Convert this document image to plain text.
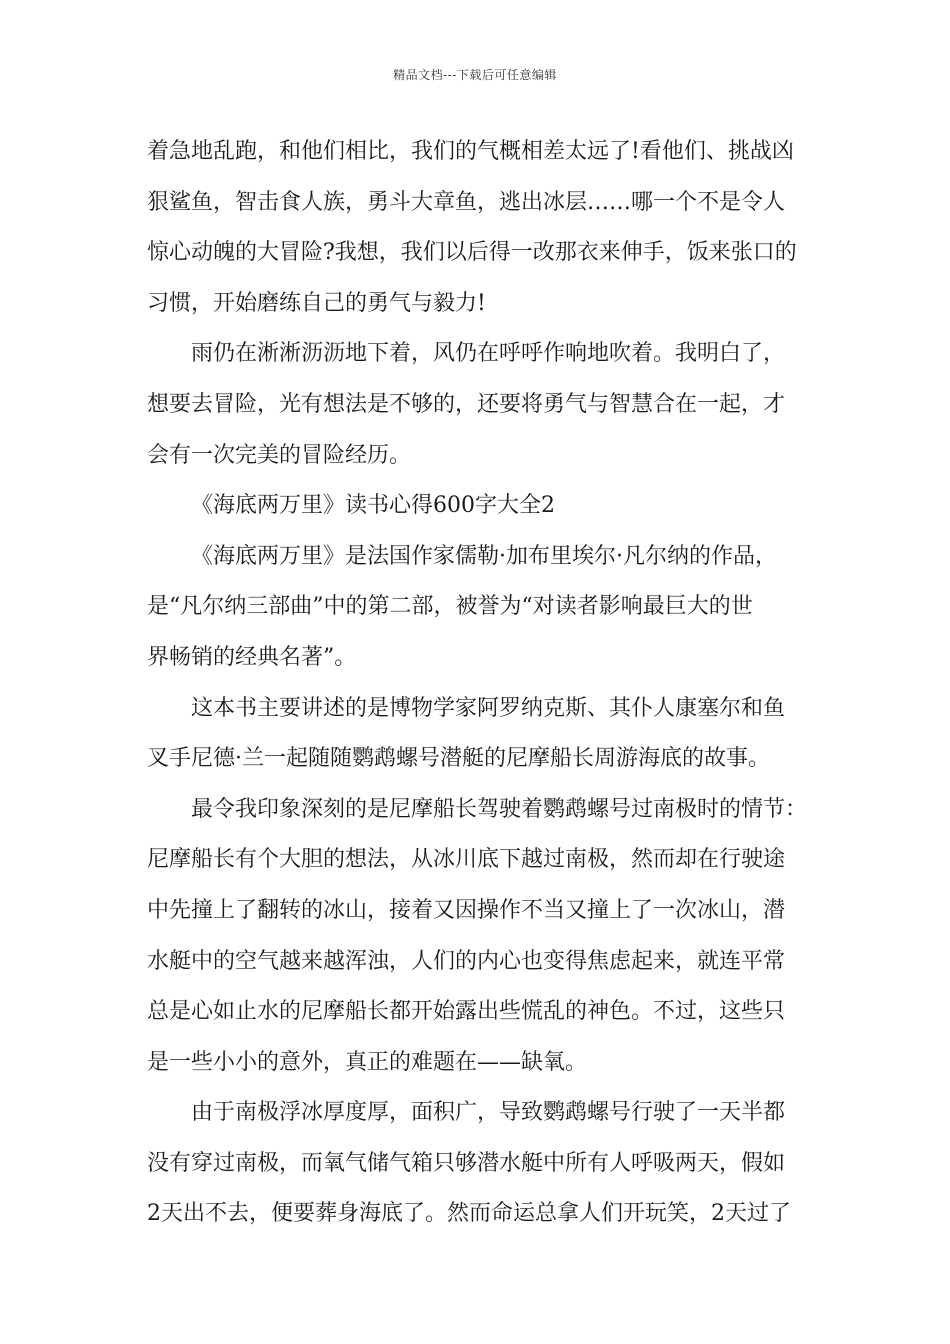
精品文档---下载后可任意编辑
着急地乱跑，和他们相比，我们的气概相差太远了!看他们、挑战凶
狠鲨鱼，智击食人族，勇斗大章鱼，逃出冰层……哪一个不是令人
惊心动魄的大冒险?我想，我们以后得一改那衣来伸手，饭来张口的
习惯，开始磨练自己的勇气与毅力!
雨仍在淅淅沥沥地下着，风仍在呼呼作响地吹着。我明白了，
想要去冒险，光有想法是不够的，还要将勇气与智慧合在一起，才
会有一次完美的冒险经历。
《海底两万里》读书心得600字大全2
《海底两万里》是法国作家儒勒·加布里埃尔·凡尔纳的作品，
是“凡尔纳三部曲”中的第二部，被誉为“对读者影响最巨大的世
界畅销的经典名著”。
这本书主要讲述的是博物学家阿罗纳克斯、其仆人康塞尔和鱼
叉手尼德·兰一起随随鹦鹉螺号潜艇的尼摩船长周游海底的故事。
最令我印象深刻的是尼摩船长驾驶着鹦鹉螺号过南极时的情节：
尼摩船长有个大胆的想法，从冰川底下越过南极，然而却在行驶途
中先撞上了翻转的冰山，接着又因操作不当又撞上了一次冰山，潜
水艇中的空气越来越浑浊，人们的内心也变得焦虑起来，就连平常
总是心如止水的尼摩船长都开始露出些慌乱的神色。不过，这些只
是一些小小的意外，真正的难题在——缺氧。
由于南极浮冰厚度厚，面积广，导致鹦鹉螺号行驶了一天半都
没有穿过南极，而氧气储气箱只够潜水艇中所有人呼吸两天，假如
2天出不去，便要葬身海底了。然而命运总拿人们开玩笑，2天过了
